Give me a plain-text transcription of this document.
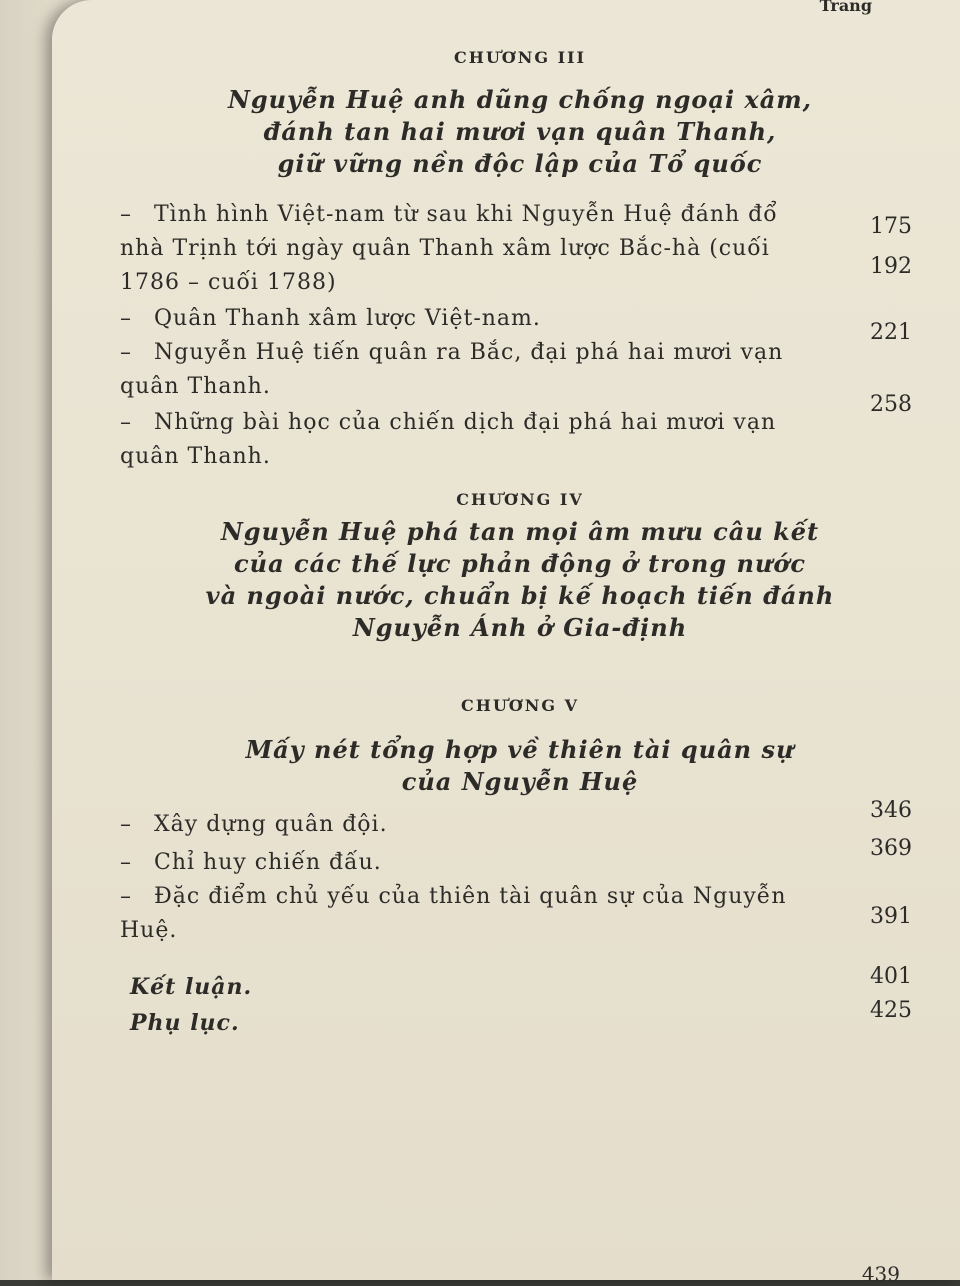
Trang
CHƯƠNG III
Nguyễn Huệ anh dũng chống ngoại xâm,
đánh tan hai mươi vạn quân Thanh,
giữ vững nền độc lập của Tổ quốc
– Tình hình Việt-nam từ sau khi Nguyễn Huệ đánh đổ nhà Trịnh tới ngày quân Thanh xâm lược Bắc-hà (cuối 1786 – cuối 1788)
175
– Quân Thanh xâm lược Việt-nam.
192
– Nguyễn Huệ tiến quân ra Bắc, đại phá hai mươi vạn quân Thanh.
221
– Những bài học của chiến dịch đại phá hai mươi vạn quân Thanh.
258
CHƯƠNG IV
Nguyễn Huệ phá tan mọi âm mưu câu kết
của các thế lực phản động ở trong nước
và ngoài nước, chuẩn bị kế hoạch tiến đánh
Nguyễn Ánh ở Gia-định
CHƯƠNG V
Mấy nét tổng hợp về thiên tài quân sự
của Nguyễn Huệ
– Xây dựng quân đội.
346
– Chỉ huy chiến đấu.
369
– Đặc điểm chủ yếu của thiên tài quân sự của Nguyễn Huệ.
391
Kết luận.	401
Phụ lục.	425
439
